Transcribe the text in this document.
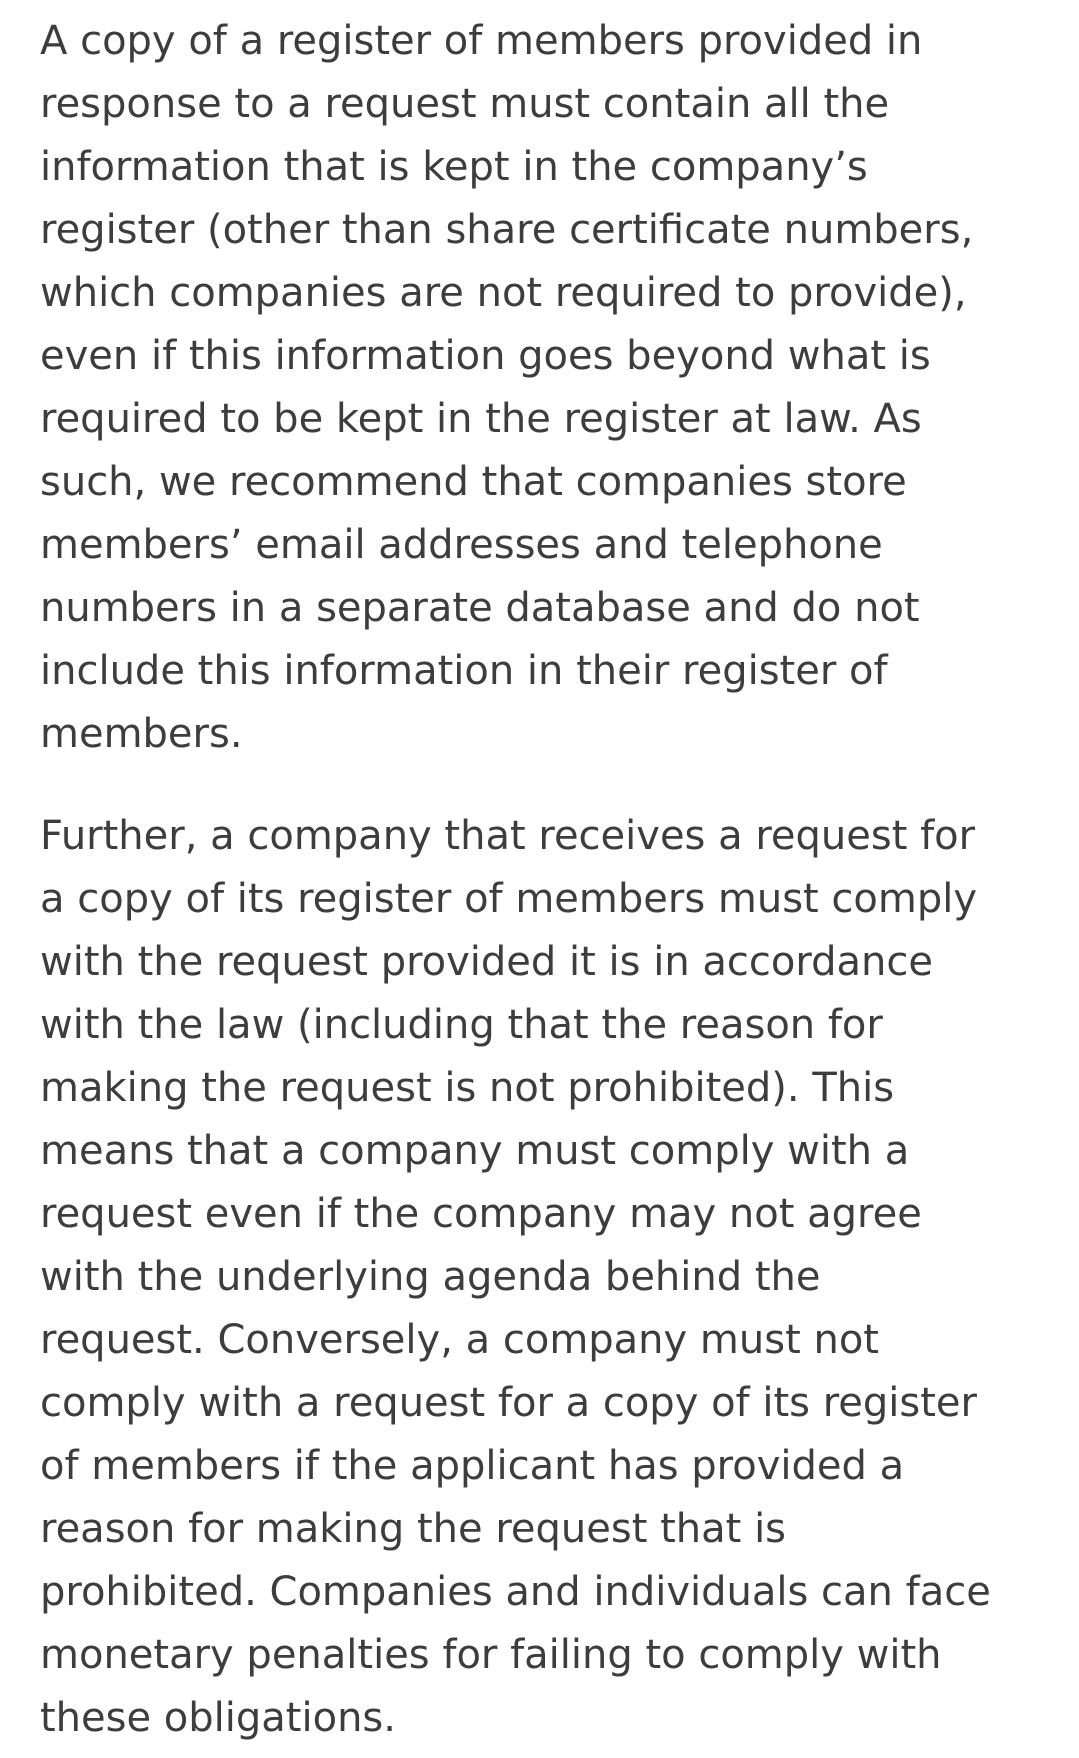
A copy of a register of members provided in
response to a request must contain all the
information that is kept in the company’s
register (other than share certificate numbers,
which companies are not required to provide),
even if this information goes beyond what is
required to be kept in the register at law. As
such, we recommend that companies store
members’ email addresses and telephone
numbers in a separate database and do not
include this information in their register of
members.

Further, a company that receives a request for
a copy of its register of members must comply
with the request provided it is in accordance
with the law (including that the reason for
making the request is not prohibited). This
means that a company must comply with a
request even if the company may not agree
with the underlying agenda behind the
request. Conversely, a company must not
comply with a request for a copy of its register
of members if the applicant has provided a
reason for making the request that is
prohibited. Companies and individuals can face
monetary penalties for failing to comply with
these obligations.
